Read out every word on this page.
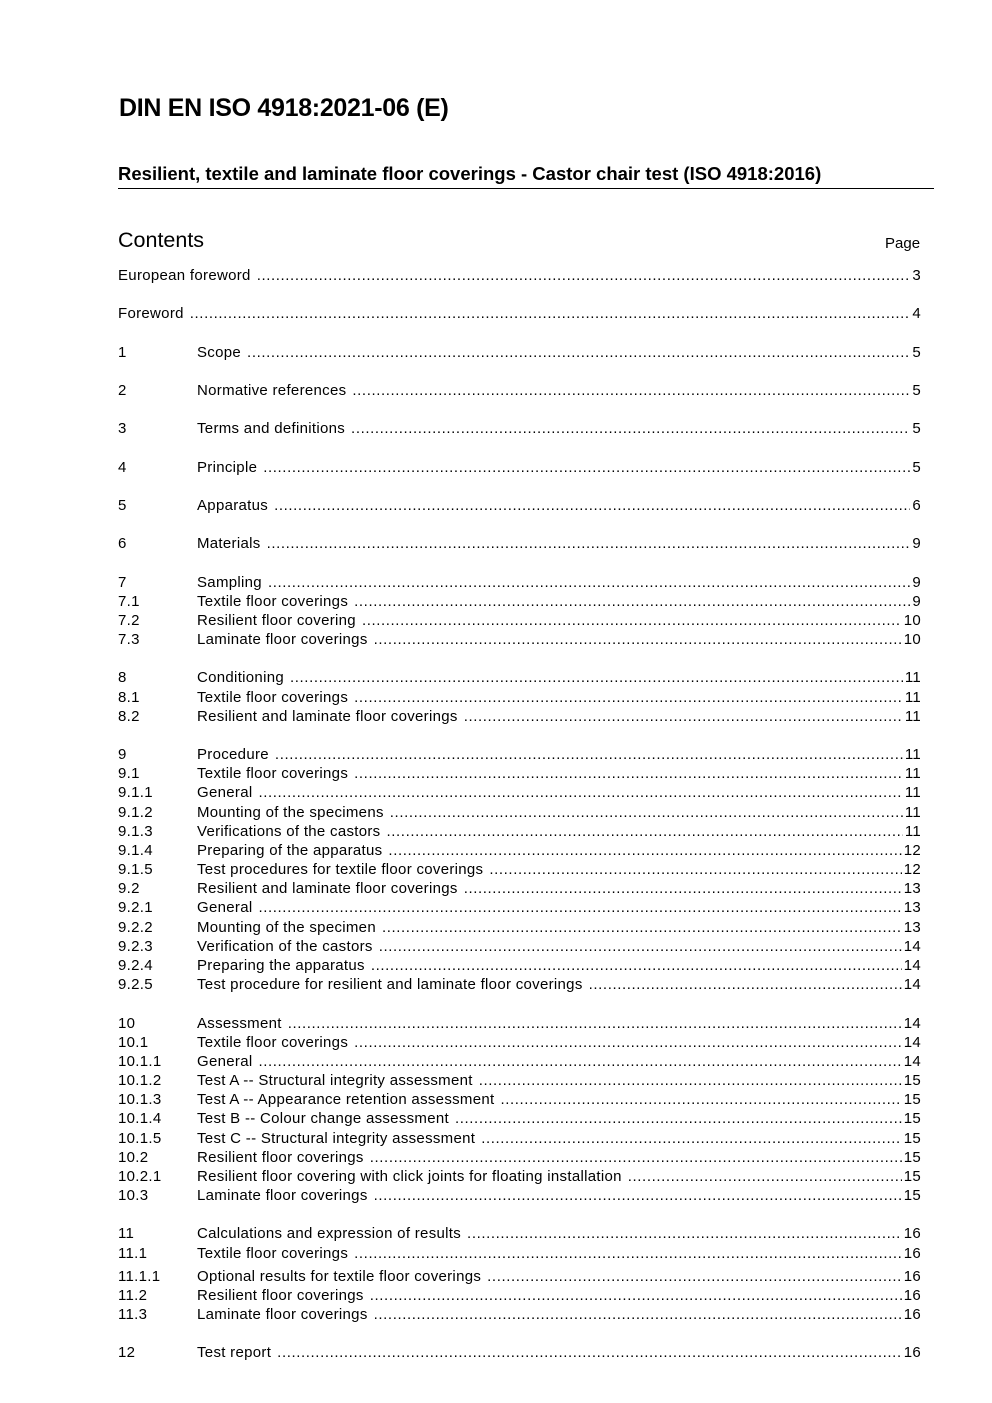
DIN EN ISO 4918:2021-06 (E)
Resilient, textile and laminate floor coverings - Castor chair test (ISO 4918:2016)
Contents	Page
European foreword .....	3
Foreword .....	4
1	Scope .....	5
2	Normative references .....	5
3	Terms and definitions .....	5
4	Principle .....	5
5	Apparatus .....	6
6	Materials .....	9
7	Sampling .....	9
7.1	Textile floor coverings .....	9
7.2	Resilient floor covering .....	10
7.3	Laminate floor coverings .....	10
8	Conditioning .....	11
8.1	Textile floor coverings .....	11
8.2	Resilient and laminate floor coverings .....	11
9	Procedure .....	11
9.1	Textile floor coverings .....	11
9.1.1	General .....	11
9.1.2	Mounting of the specimens .....	11
9.1.3	Verifications of the castors .....	11
9.1.4	Preparing of the apparatus .....	12
9.1.5	Test procedures for textile floor coverings .....	12
9.2	Resilient and laminate floor coverings .....	13
9.2.1	General .....	13
9.2.2	Mounting of the specimen .....	13
9.2.3	Verification of the castors .....	14
9.2.4	Preparing the apparatus .....	14
9.2.5	Test procedure for resilient and laminate floor coverings .....	14
10	Assessment .....	14
10.1	Textile floor coverings .....	14
10.1.1 General .....	14
10.1.2 Test A -- Structural integrity assessment .....	15
10.1.3 Test A -- Appearance retention assessment .....	15
10.1.4 Test B -- Colour change assessment .....	15
10.1.5 Test C -- Structural integrity assessment .....	15
10.2	Resilient floor coverings .....	15
10.2.1 Resilient floor covering with click joints for floating installation .....	15
10.3	Laminate floor coverings .....	15
11	Calculations and expression of results .....	16
11.1	Textile floor coverings .....	16
11.1.1 Optional results for textile floor coverings .....	16
11.2	Resilient floor coverings .....	16
11.3	Laminate floor coverings .....	16
12	Test report .....	16
